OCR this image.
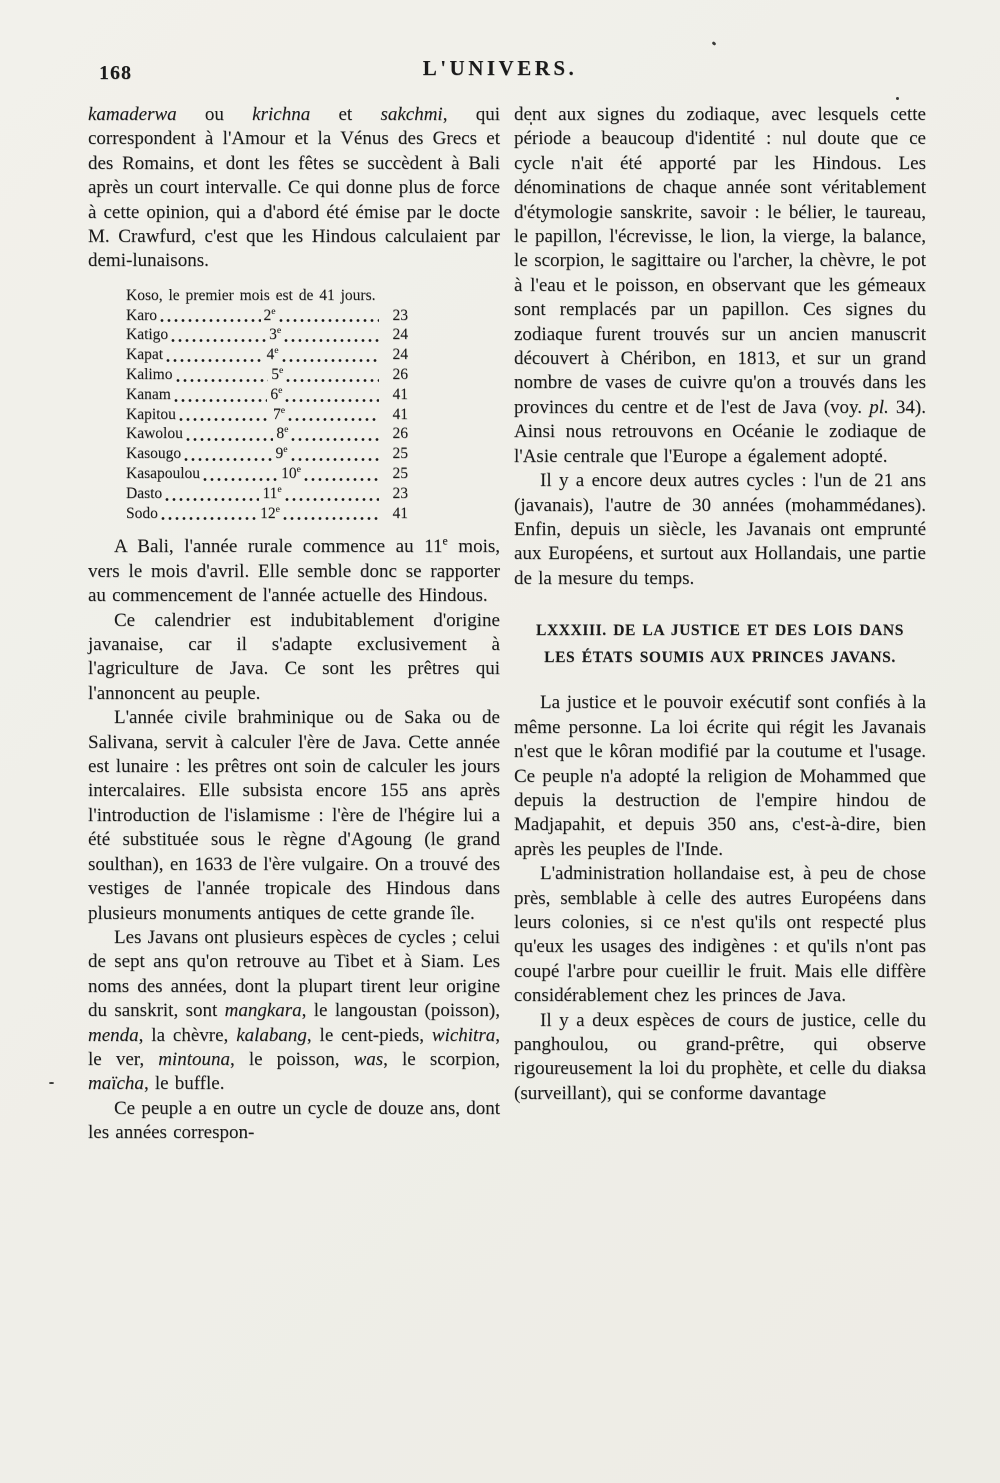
168	L'UNIVERS.

kamaderwa ou krichna et sakchmi, qui correspondent à l'Amour et la Vénus des Grecs et des Romains, et dont les fêtes se succèdent à Bali après un court intervalle. Ce qui donne plus de force à cette opinion, qui a d'abord été émise par le docte M. Crawfurd, c'est que les Hindous calculaient par demi-lunaisons.

Koso, le premier mois est de 41 jours.
Karo	2e	23
Katigo	3e	24
Kapat	4e	24
Kalimo	5e	26
Kanam	6e	41
Kapitou	7e	41
Kawolou	8e	26
Kasougo	9e	25
Kasapoulou	10e	25
Dasto	11e	23
Sodo	12e	41

A Bali, l'année rurale commence au 11e mois, vers le mois d'avril. Elle semble donc se rapporter au commencement de l'année actuelle des Hindous.

Ce calendrier est indubitablement d'origine javanaise, car il s'adapte exclusivement à l'agriculture de Java. Ce sont les prêtres qui l'annoncent au peuple.

L'année civile brahminique ou de Saka ou de Salivana, servit à calculer l'ère de Java. Cette année est lunaire : les prêtres ont soin de calculer les jours intercalaires. Elle subsista encore 155 ans après l'introduction de l'islamisme : l'ère de l'hégire lui a été substituée sous le règne d'Agoung (le grand soulthan), en 1633 de l'ère vulgaire. On a trouvé des vestiges de l'année tropicale des Hindous dans plusieurs monuments antiques de cette grande île.

Les Javans ont plusieurs espèces de cycles ; celui de sept ans qu'on retrouve au Tibet et à Siam. Les noms des années, dont la plupart tirent leur origine du sanskrit, sont mangkara, le langoustan (poisson), menda, la chèvre, kalabang, le cent-pieds, wichitra, le ver, mintouna, le poisson, was, le scorpion, maïcha, le buffle.

Ce peuple a en outre un cycle de douze ans, dont les années correspon-

dent aux signes du zodiaque, avec lesquels cette période a beaucoup d'identité : nul doute que ce cycle n'ait été apporté par les Hindous. Les dénominations de chaque année sont véritablement d'étymologie sanskrite, savoir : le bélier, le taureau, le papillon, l'écrevisse, le lion, la vierge, la balance, le scorpion, le sagittaire ou l'archer, la chèvre, le pot à l'eau et le poisson, en observant que les gémeaux sont remplacés par un papillon. Ces signes du zodiaque furent trouvés sur un ancien manuscrit découvert à Chéribon, en 1813, et sur un grand nombre de vases de cuivre qu'on a trouvés dans les provinces du centre et de l'est de Java (voy. pl. 34). Ainsi nous retrouvons en Océanie le zodiaque de l'Asie centrale que l'Europe a également adopté.

Il y a encore deux autres cycles : l'un de 21 ans (javanais), l'autre de 30 années (mohammédanes). Enfin, depuis un siècle, les Javanais ont emprunté aux Européens, et surtout aux Hollandais, une partie de la mesure du temps.

LXXXIII. DE LA JUSTICE ET DES LOIS DANS
LES ÉTATS SOUMIS AUX PRINCES JAVANS.

La justice et le pouvoir exécutif sont confiés à la même personne. La loi écrite qui régit les Javanais n'est que le kôran modifié par la coutume et l'usage. Ce peuple n'a adopté la religion de Mohammed que depuis la destruction de l'empire hindou de Madjapahit, et depuis 350 ans, c'est-à-dire, bien après les peuples de l'Inde.

L'administration hollandaise est, à peu de chose près, semblable à celle des autres Européens dans leurs colonies, si ce n'est qu'ils ont respecté plus qu'eux les usages des indigènes : et qu'ils n'ont pas coupé l'arbre pour cueillir le fruit. Mais elle diffère considérablement chez les princes de Java.

Il y a deux espèces de cours de justice, celle du panghoulou, ou grand-prêtre, qui observe rigoureusement la loi du prophète, et celle du diaksa (surveillant), qui se conforme davantage
